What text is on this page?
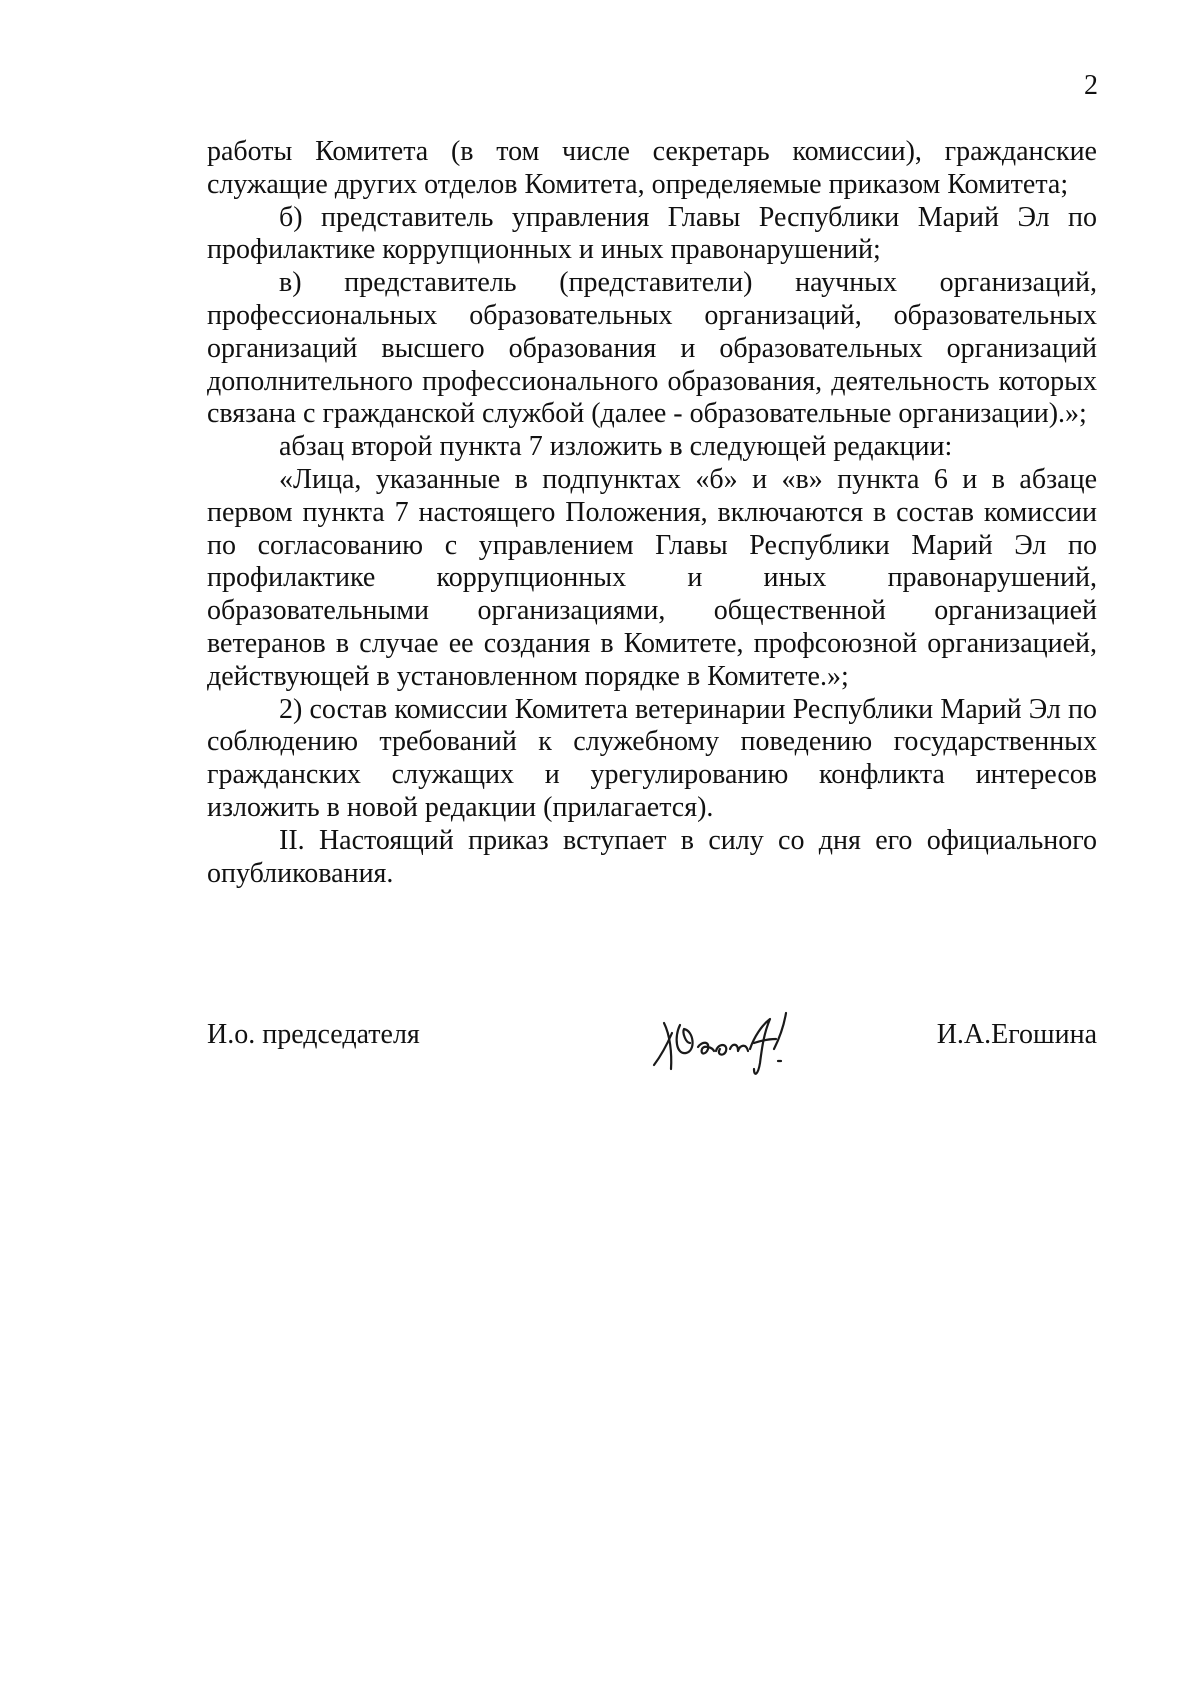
2

работы Комитета (в том числе секретарь комиссии), гражданские служащие других отделов Комитета, определяемые приказом Комитета;

б) представитель управления Главы Республики Марий Эл по профилактике коррупционных и иных правонарушений;

в) представитель (представители) научных организаций, профессиональных образовательных организаций, образовательных организаций высшего образования и образовательных организаций дополнительного профессионального образования, деятельность которых связана с гражданской службой (далее - образовательные организации).»;

абзац второй пункта 7 изложить в следующей редакции:

«Лица, указанные в подпунктах «б» и «в» пункта 6 и в абзаце первом пункта 7 настоящего Положения, включаются в состав комиссии по согласованию с управлением Главы Республики Марий Эл по профилактике коррупционных и иных правонарушений, образовательными организациями, общественной организацией ветеранов в случае ее создания в Комитете, профсоюзной организацией, действующей в установленном порядке в Комитете.»;

2) состав комиссии Комитета ветеринарии Республики Марий Эл по соблюдению требований к служебному поведению государственных гражданских служащих и урегулированию конфликта интересов изложить в новой редакции (прилагается).

II. Настоящий приказ вступает в силу со дня его официального опубликования.

И.о. председателя	И.А.Егошина
